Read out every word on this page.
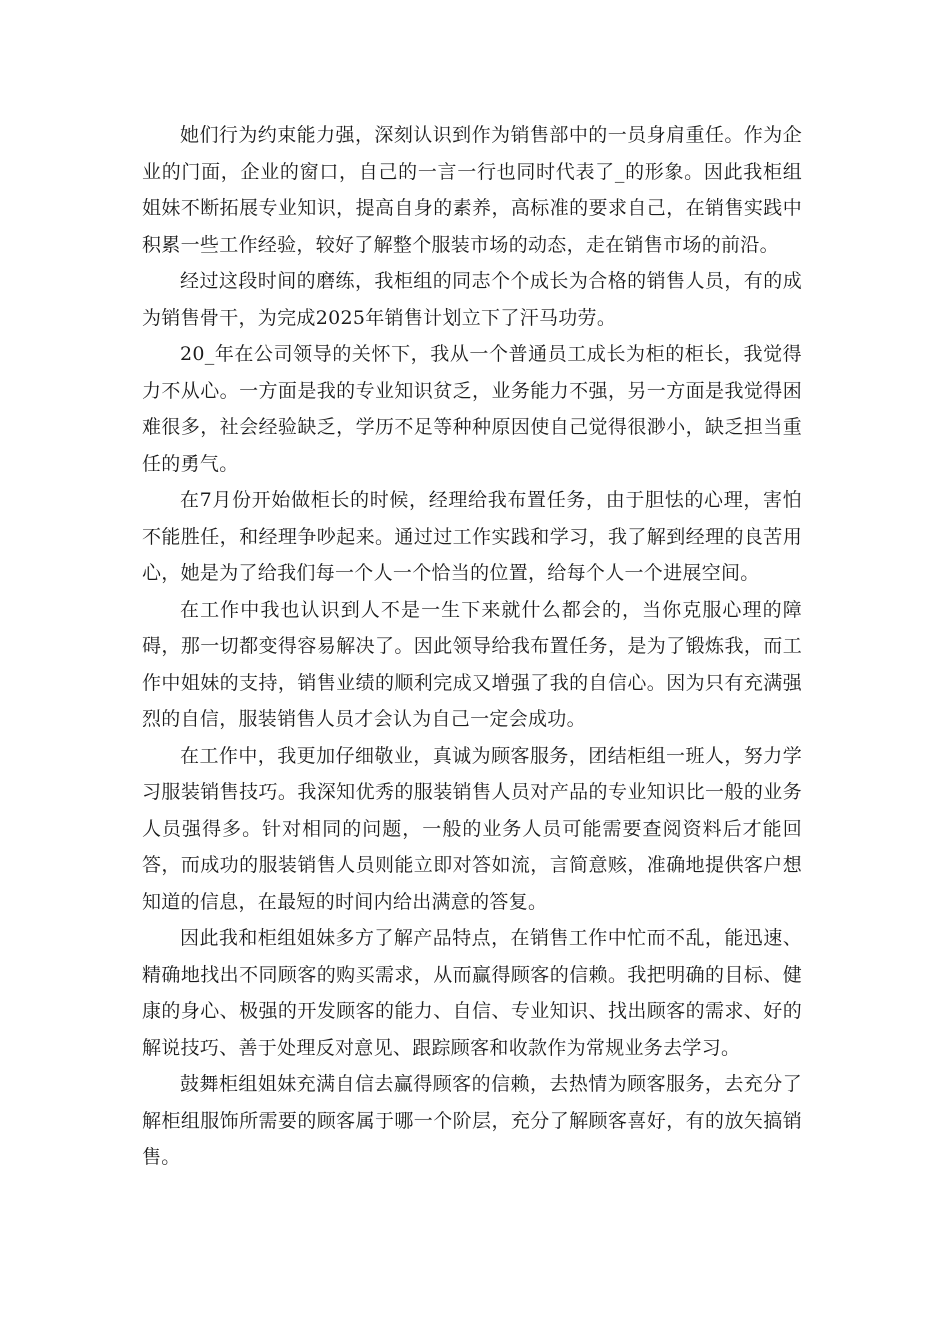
她们行为约束能力强，深刻认识到作为销售部中的一员身肩重任。作为企业的门面，企业的窗口，自己的一言一行也同时代表了_的形象。因此我柜组姐妹不断拓展专业知识，提高自身的素养，高标准的要求自己，在销售实践中积累一些工作经验，较好了解整个服装市场的动态，走在销售市场的前沿。

经过这段时间的磨练，我柜组的同志个个成长为合格的销售人员，有的成为销售骨干，为完成2025年销售计划立下了汗马功劳。

20_年在公司领导的关怀下，我从一个普通员工成长为柜的柜长，我觉得力不从心。一方面是我的专业知识贫乏，业务能力不强，另一方面是我觉得困难很多，社会经验缺乏，学历不足等种种原因使自己觉得很渺小，缺乏担当重任的勇气。

在7月份开始做柜长的时候，经理给我布置任务，由于胆怯的心理，害怕不能胜任，和经理争吵起来。通过过工作实践和学习，我了解到经理的良苦用心，她是为了给我们每一个人一个恰当的位置，给每个人一个进展空间。

在工作中我也认识到人不是一生下来就什么都会的，当你克服心理的障碍，那一切都变得容易解决了。因此领导给我布置任务，是为了锻炼我，而工作中姐妹的支持，销售业绩的顺利完成又增强了我的自信心。因为只有充满强烈的自信，服装销售人员才会认为自己一定会成功。

在工作中，我更加仔细敬业，真诚为顾客服务，团结柜组一班人，努力学习服装销售技巧。我深知优秀的服装销售人员对产品的专业知识比一般的业务人员强得多。针对相同的问题，一般的业务人员可能需要查阅资料后才能回答，而成功的服装销售人员则能立即对答如流，言简意赅，准确地提供客户想知道的信息，在最短的时间内给出满意的答复。

因此我和柜组姐妹多方了解产品特点，在销售工作中忙而不乱，能迅速、精确地找出不同顾客的购买需求，从而赢得顾客的信赖。我把明确的目标、健康的身心、极强的开发顾客的能力、自信、专业知识、找出顾客的需求、好的解说技巧、善于处理反对意见、跟踪顾客和收款作为常规业务去学习。

鼓舞柜组姐妹充满自信去赢得顾客的信赖，去热情为顾客服务，去充分了解柜组服饰所需要的顾客属于哪一个阶层，充分了解顾客喜好，有的放矢搞销售。
